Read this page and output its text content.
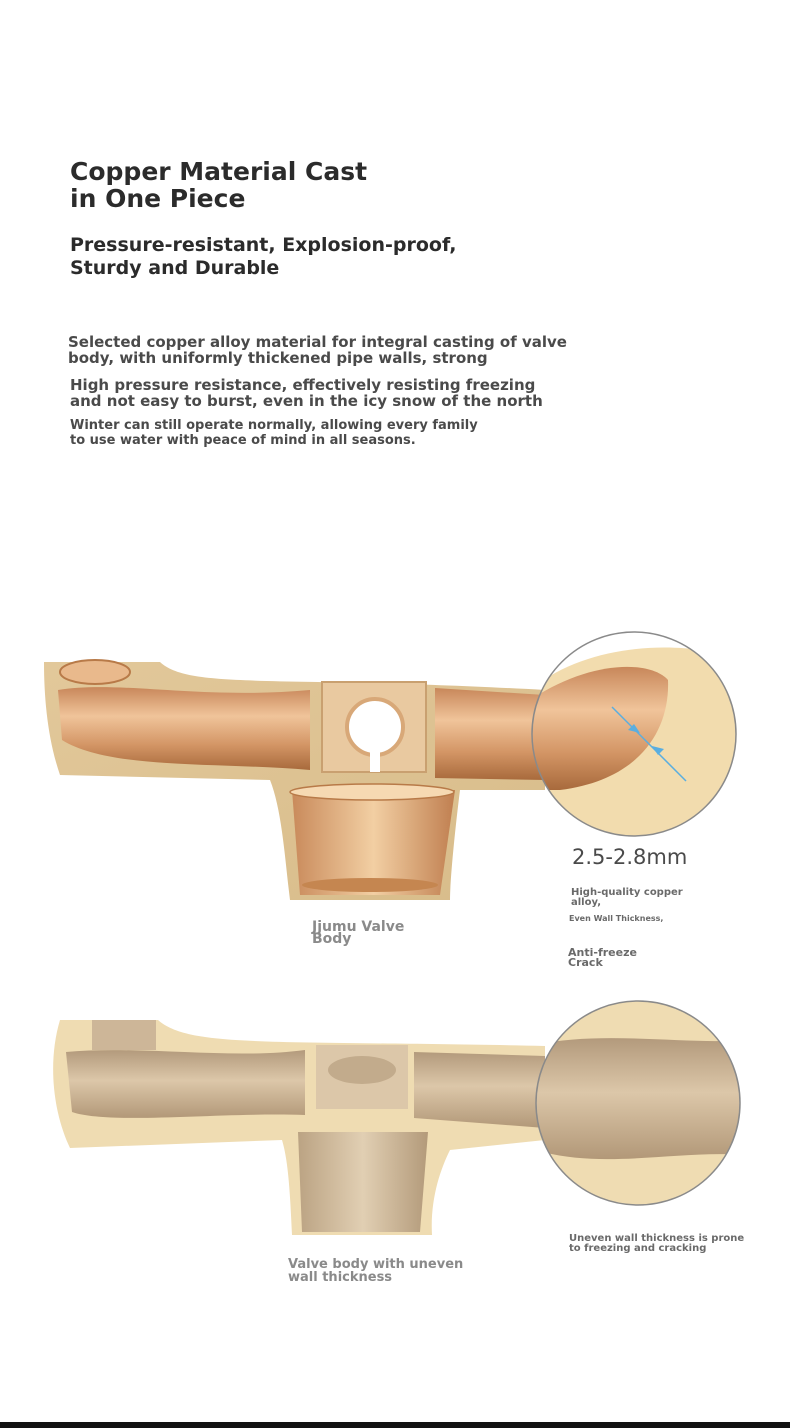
Copper Material Cast
in One Piece
Pressure-resistant, Explosion-proof,
Sturdy and Durable
Selected copper alloy material for integral casting of valve
body, with uniformly thickened pipe walls, strong
High pressure resistance, effectively resisting freezing
and not easy to burst, even in the icy snow of the north
Winter can still operate normally, allowing every family
to use water with peace of mind in all seasons.
2.5-2.8mm
Jjumu Valve
Body
High-quality copper
alloy,
Even Wall Thickness,
Anti-freeze
Crack
Valve body with uneven
wall thickness
Uneven wall thickness is prone
to freezing and cracking
